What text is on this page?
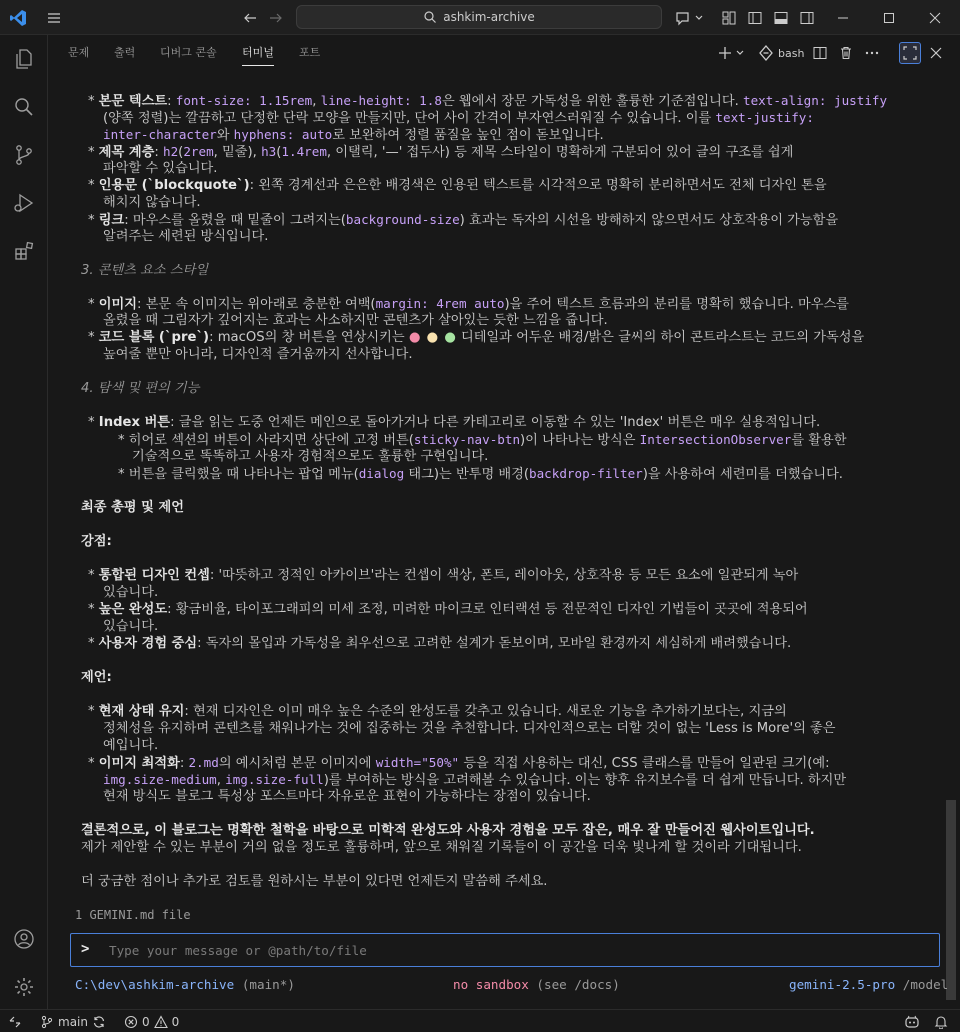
ashkim-archive
문제 출력 디버그 콘솔 터미널 포트	bash
* 본문 텍스트: font-size: 1.15rem, line-height: 1.8은 웹에서 장문 가독성을 위한 훌륭한 기준점입니다. text-align: justify
(양쪽 정렬)는 깔끔하고 단정한 단락 모양을 만들지만, 단어 사이 간격이 부자연스러워질 수 있습니다. 이를 text-justify:
inter-character와 hyphens: auto로 보완하여 정렬 품질을 높인 점이 돋보입니다.
* 제목 계층: h2(2rem, 밑줄), h3(1.4rem, 이탤릭, '—' 접두사) 등 제목 스타일이 명확하게 구분되어 있어 글의 구조를 쉽게
파악할 수 있습니다.
* 인용문 (`blockquote`): 왼쪽 경계선과 은은한 배경색은 인용된 텍스트를 시각적으로 명확히 분리하면서도 전체 디자인 톤을
해치지 않습니다.
* 링크: 마우스를 올렸을 때 밑줄이 그려지는(background-size) 효과는 독자의 시선을 방해하지 않으면서도 상호작용이 가능함을
알려주는 세련된 방식입니다.
3. 콘텐츠 요소 스타일
* 이미지: 본문 속 이미지는 위아래로 충분한 여백(margin: 4rem auto)을 주어 텍스트 흐름과의 분리를 명확히 했습니다. 마우스를
올렸을 때 그림자가 깊어지는 효과는 사소하지만 콘텐츠가 살아있는 듯한 느낌을 줍니다.
* 코드 블록 (`pre`): macOS의 창 버튼을 연상시키는 ● ● ● 디테일과 어두운 배경/밝은 글씨의 하이 콘트라스트는 코드의 가독성을
높여줄 뿐만 아니라, 디자인적 즐거움까지 선사합니다.
4. 탐색 및 편의 기능
* Index 버튼: 글을 읽는 도중 언제든 메인으로 돌아가거나 다른 카테고리로 이동할 수 있는 'Index' 버튼은 매우 실용적입니다.
* 히어로 섹션의 버튼이 사라지면 상단에 고정 버튼(sticky-nav-btn)이 나타나는 방식은 IntersectionObserver를 활용한
기술적으로 똑똑하고 사용자 경험적으로도 훌륭한 구현입니다.
* 버튼을 클릭했을 때 나타나는 팝업 메뉴(dialog 태그)는 반투명 배경(backdrop-filter)을 사용하여 세련미를 더했습니다.
최종 총평 및 제언
강점:
* 통합된 디자인 컨셉: '따뜻하고 정적인 아카이브'라는 컨셉이 색상, 폰트, 레이아웃, 상호작용 등 모든 요소에 일관되게 녹아
있습니다.
* 높은 완성도: 황금비율, 타이포그래피의 미세 조정, 미려한 마이크로 인터랙션 등 전문적인 디자인 기법들이 곳곳에 적용되어
있습니다.
* 사용자 경험 중심: 독자의 몰입과 가독성을 최우선으로 고려한 설계가 돋보이며, 모바일 환경까지 세심하게 배려했습니다.
제언:
* 현재 상태 유지: 현재 디자인은 이미 매우 높은 수준의 완성도를 갖추고 있습니다. 새로운 기능을 추가하기보다는, 지금의
정체성을 유지하며 콘텐츠를 채워나가는 것에 집중하는 것을 추천합니다. 디자인적으로는 더할 것이 없는 'Less is More'의 좋은
예입니다.
* 이미지 최적화: 2.md의 예시처럼 본문 이미지에 width="50%" 등을 직접 사용하는 대신, CSS 클래스를 만들어 일관된 크기(예:
img.size-medium, img.size-full)를 부여하는 방식을 고려해볼 수 있습니다. 이는 향후 유지보수를 더 쉽게 만듭니다. 하지만
현재 방식도 블로그 특성상 포스트마다 자유로운 표현이 가능하다는 장점이 있습니다.
결론적으로, 이 블로그는 명확한 철학을 바탕으로 미학적 완성도와 사용자 경험을 모두 잡은, 매우 잘 만들어진 웹사이트입니다.
제가 제안할 수 있는 부분이 거의 없을 정도로 훌륭하며, 앞으로 채워질 기록들이 이 공간을 더욱 빛나게 할 것이라 기대됩니다.
더 궁금한 점이나 추가로 검토를 원하시는 부분이 있다면 언제든지 말씀해 주세요.
1 GEMINI.md file
>
Type your message or @path/to/file
C:\dev\ashkim-archive (main*)	no sandbox (see /docs)	gemini-2.5-pro /model
main	0 0
